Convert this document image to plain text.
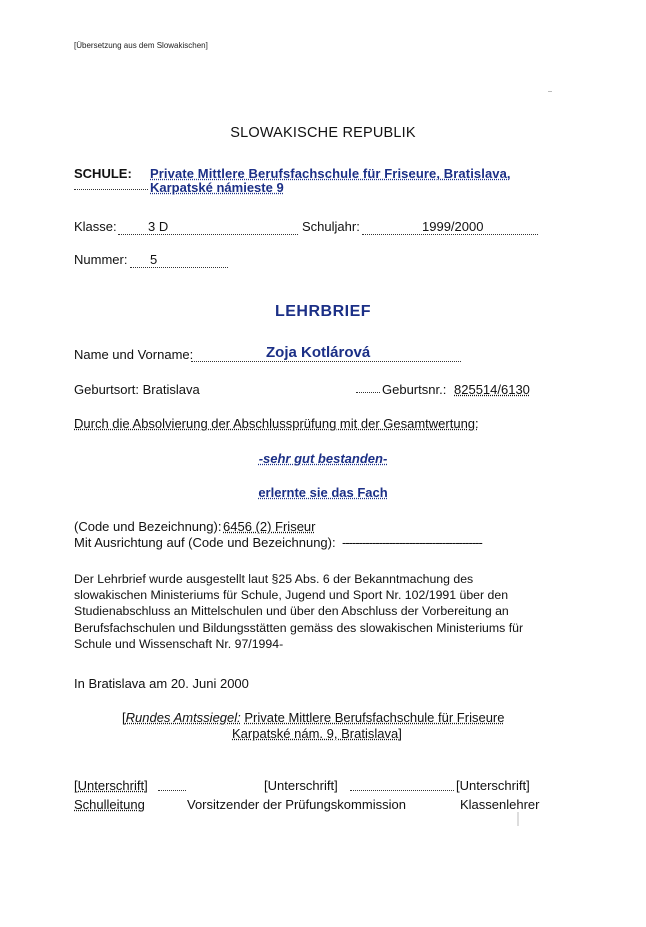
[Übersetzung aus dem Slowakischen]
SLOWAKISCHE REPUBLIK
SCHULE: Private Mittlere Berufsfachschule für Friseure, Bratislava,
Karpatské námieste 9
Klasse:	3 D	Schuljahr:	1999/2000
Nummer:	5
LEHRBRIEF
Name und Vorname:	Zoja Kotlárová
Geburtsort: Bratislava	Geburtsnr.: 825514/6130
Durch die Absolvierung der Abschlussprüfung mit der Gesamtwertung:
-sehr gut bestanden-
erlernte sie das Fach
(Code und Bezeichnung): 6456 (2) Friseur
Mit Ausrichtung auf (Code und Bezeichnung): ------------------------------------------
Der Lehrbrief wurde ausgestellt laut §25 Abs. 6 der Bekanntmachung des
slowakischen Ministeriums für Schule, Jugend und Sport Nr. 102/1991 über den
Studienabschluss an Mittelschulen und über den Abschluss der Vorbereitung an
Berufsfachschulen und Bildungsstätten gemäss des slowakischen Ministeriums für
Schule und Wissenschaft Nr. 97/1994-
In Bratislava am 20. Juni 2000
[Rundes Amtssiegel: Private Mittlere Berufsfachschule für Friseure
Karpatské nám. 9, Bratislava]
[Unterschrift]	[Unterschrift]	[Unterschrift]
Schulleitung	Vorsitzender der Prüfungskommission	Klassenlehrer
